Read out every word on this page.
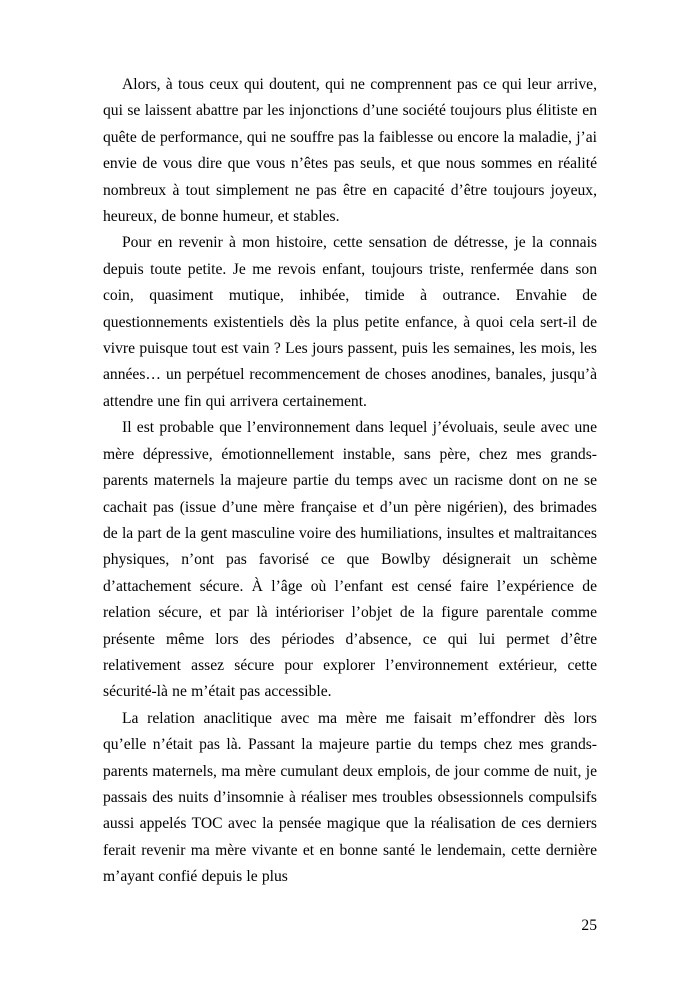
Alors, à tous ceux qui doutent, qui ne comprennent pas ce qui leur arrive, qui se laissent abattre par les injonctions d’une société toujours plus élitiste en quête de performance, qui ne souffre pas la faiblesse ou encore la maladie, j’ai envie de vous dire que vous n’êtes pas seuls, et que nous sommes en réalité nombreux à tout simplement ne pas être en capacité d’être toujours joyeux, heureux, de bonne humeur, et stables.

Pour en revenir à mon histoire, cette sensation de détresse, je la connais depuis toute petite. Je me revois enfant, toujours triste, renfermée dans son coin, quasiment mutique, inhibée, timide à outrance. Envahie de questionnements existentiels dès la plus petite enfance, à quoi cela sert-il de vivre puisque tout est vain ? Les jours passent, puis les semaines, les mois, les années… un perpétuel recommencement de choses anodines, banales, jusqu’à attendre une fin qui arrivera certainement.

Il est probable que l’environnement dans lequel j’évoluais, seule avec une mère dépressive, émotionnellement instable, sans père, chez mes grands-parents maternels la majeure partie du temps avec un racisme dont on ne se cachait pas (issue d’une mère française et d’un père nigérien), des brimades de la part de la gent masculine voire des humiliations, insultes et maltraitances physiques, n’ont pas favorisé ce que Bowlby désignerait un schème d’attachement sécure. À l’âge où l’enfant est censé faire l’expérience de relation sécure, et par là intérioriser l’objet de la figure parentale comme présente même lors des périodes d’absence, ce qui lui permet d’être relativement assez sécure pour explorer l’environnement extérieur, cette sécurité-là ne m’était pas accessible.

La relation anaclitique avec ma mère me faisait m’effondrer dès lors qu’elle n’était pas là. Passant la majeure partie du temps chez mes grands-parents maternels, ma mère cumulant deux emplois, de jour comme de nuit, je passais des nuits d’insomnie à réaliser mes troubles obsessionnels compulsifs aussi appelés TOC avec la pensée magique que la réalisation de ces derniers ferait revenir ma mère vivante et en bonne santé le lendemain, cette dernière m’ayant confié depuis le plus

25
